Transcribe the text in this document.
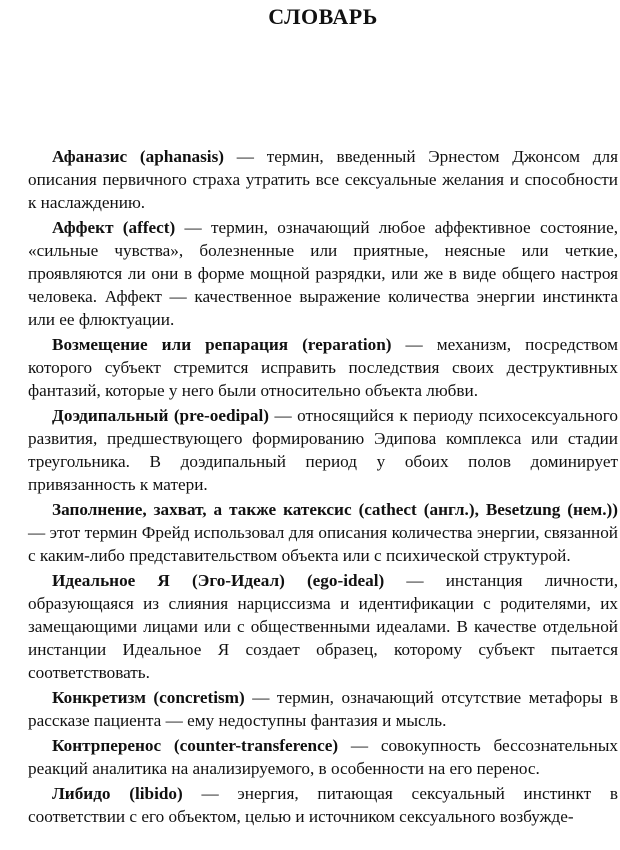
СЛОВАРЬ

Афаназис (aphanasis) — термин, введенный Эрнестом Джонсом для описания первичного страха утратить все сексуальные желания и способности к наслаждению.

Аффект (affect) — термин, означающий любое аффективное состояние, «сильные чувства», болезненные или приятные, неясные или четкие, проявляются ли они в форме мощной разрядки, или же в виде общего настроя человека. Аффект — качественное выражение количества энергии инстинкта или ее флюктуации.

Возмещение или репарация (reparation) — механизм, посредством которого субъект стремится исправить последствия своих деструктивных фантазий, которые у него были относительно объекта любви.

Доэдипальный (pre-oedipal) — относящийся к периоду психосексуального развития, предшествующего формированию Эдипова комплекса или стадии треугольника. В доэдипальный период у обоих полов доминирует привязанность к матери.

Заполнение, захват, а также катексис (cathect (англ.), Besetzung (нем.)) — этот термин Фрейд использовал для описания количества энергии, связанной с каким-либо представительством объекта или с психической структурой.

Идеальное Я (Эго-Идеал) (ego-ideal) — инстанция личности, образующаяся из слияния нарциссизма и идентификации с родителями, их замещающими лицами или с общественными идеалами. В качестве отдельной инстанции Идеальное Я создает образец, которому субъект пытается соответствовать.

Конкретизм (concretism) — термин, означающий отсутствие метафоры в рассказе пациента — ему недоступны фантазия и мысль.

Контрперенос (counter-transference) — совокупность бессознательных реакций аналитика на анализируемого, в особенности на его перенос.

Либидо (libido) — энергия, питающая сексуальный инстинкт в соответствии с его объектом, целью и источником сексуального возбужде-
